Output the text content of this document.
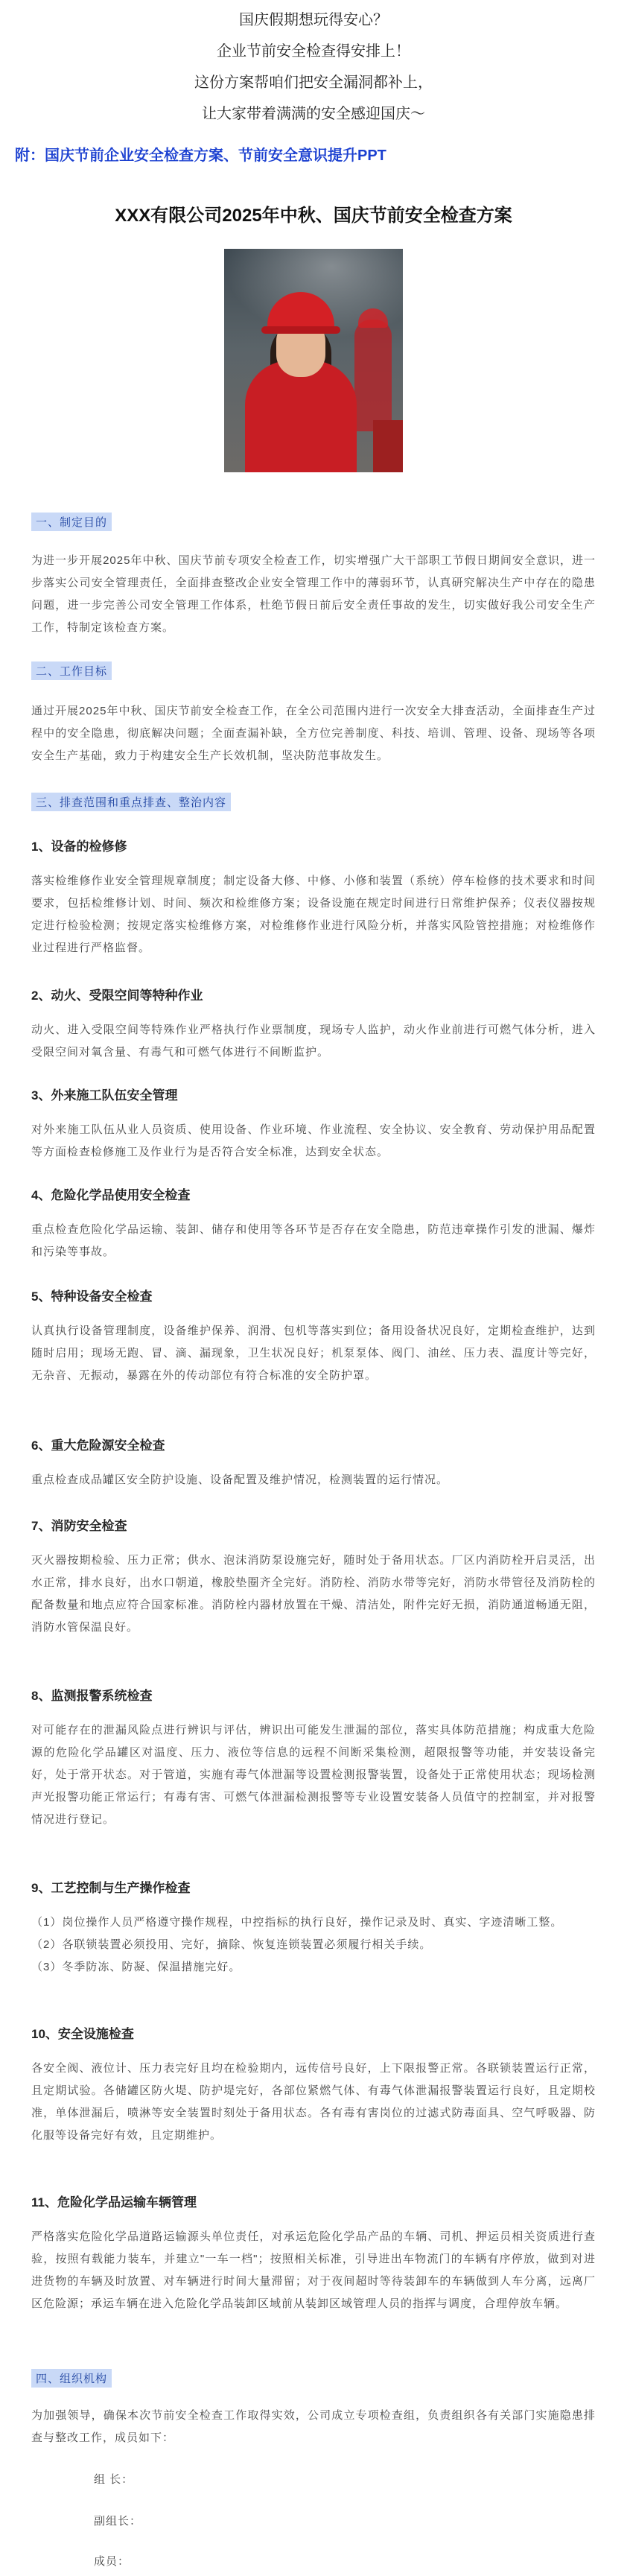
国庆假期想玩得安心？

企业节前安全检查得安排上！

这份方案帮咱们把安全漏洞都补上，

让大家带着满满的安全感迎国庆～

附：国庆节前企业安全检查方案、节前安全意识提升PPT
XXX有限公司2025年中秋、国庆节前安全检查方案
一、制定目的

为进一步开展2025年中秋、国庆节前专项安全检查工作，切实增强广大干部职工节假日期间安全意识，进一步落实公司安全管理责任，全面排查整改企业安全管理工作中的薄弱环节，认真研究解决生产中存在的隐患问题，进一步完善公司安全管理工作体系，杜绝节假日前后安全责任事故的发生，切实做好我公司安全生产工作，特制定该检查方案。

二、工作目标

通过开展2025年中秋、国庆节前安全检查工作，在全公司范围内进行一次安全大排查活动，全面排查生产过程中的安全隐患，彻底解决问题；全面查漏补缺，全方位完善制度、科技、培训、管理、设备、现场等各项安全生产基础，致力于构建安全生产长效机制，坚决防范事故发生。

三、排查范围和重点排查、整治内容
1、设备的检修修

落实检维修作业安全管理规章制度；制定设备大修、中修、小修和装置（系统）停车检修的技术要求和时间要求，包括检维修计划、时间、频次和检维修方案；设备设施在规定时间进行日常维护保养；仪表仪器按规定进行检验检测；按规定落实检维修方案，对检维修作业进行风险分析，并落实风险管控措施；对检维修作业过程进行严格监督。

2、动火、受限空间等特种作业

动火、进入受限空间等特殊作业严格执行作业票制度，现场专人监护，动火作业前进行可燃气体分析，进入受限空间对氧含量、有毒气和可燃气体进行不间断监护。

3、外来施工队伍安全管理

对外来施工队伍从业人员资质、使用设备、作业环境、作业流程、安全协议、安全教育、劳动保护用品配置等方面检查检修施工及作业行为是否符合安全标准，达到安全状态。

4、危险化学品使用安全检查

重点检查危险化学品运输、装卸、储存和使用等各环节是否存在安全隐患，防范违章操作引发的泄漏、爆炸和污染等事故。

5、特种设备安全检查

认真执行设备管理制度，设备维护保养、润滑、包机等落实到位；备用设备状况良好，定期检查维护，达到随时启用；现场无跑、冒、滴、漏现象，卫生状况良好；机泵泵体、阀门、油丝、压力表、温度计等完好，无杂音、无振动，暴露在外的传动部位有符合标准的安全防护罩。

6、重大危险源安全检查

重点检查成品罐区安全防护设施、设备配置及维护情况，检测装置的运行情况。

7、消防安全检查

灭火器按期检验、压力正常；供水、泡沫消防泵设施完好，随时处于备用状态。厂区内消防栓开启灵活，出水正常，排水良好，出水口朝道，橡胶垫圈齐全完好。消防栓、消防水带等完好，消防水带管径及消防栓的配备数量和地点应符合国家标准。消防栓内器材放置在干燥、清洁处，附件完好无损，消防通道畅通无阻，消防水管保温良好。

8、监测报警系统检查

对可能存在的泄漏风险点进行辨识与评估，辨识出可能发生泄漏的部位，落实具体防范措施；构成重大危险源的危险化学品罐区对温度、压力、液位等信息的远程不间断采集检测，超限报警等功能，并安装设备完好，处于常开状态。对于管道，实施有毒气体泄漏等设置检测报警装置，设备处于正常使用状态；现场检测声光报警功能正常运行；有毒有害、可燃气体泄漏检测报警等专业设置安装备人员值守的控制室，并对报警情况进行登记。

9、工艺控制与生产操作检查

（1）岗位操作人员严格遵守操作规程，中控指标的执行良好，操作记录及时、真实、字迹清晰工整。

（2）各联锁装置必须投用、完好，摘除、恢复连锁装置必须履行相关手续。

（3）冬季防冻、防凝、保温措施完好。

10、安全设施检查

各安全阀、液位计、压力表完好且均在检验期内，远传信号良好，上下限报警正常。各联锁装置运行正常，且定期试验。各储罐区防火堤、防护堤完好，各部位紧燃气体、有毒气体泄漏报警装置运行良好，且定期校准，单体泄漏后，喷淋等安全装置时刻处于备用状态。各有毒有害岗位的过滤式防毒面具、空气呼吸器、防化服等设备完好有效，且定期维护。

11、危险化学品运输车辆管理

严格落实危险化学品道路运输源头单位责任，对承运危险化学品产品的车辆、司机、押运员相关资质进行查验，按照有载能力装车，并建立"一车一档"；按照相关标准，引导进出车物流门的车辆有序停放，做到对进进货物的车辆及时放置、对车辆进行时间大量滞留；对于夜间超时等待装卸车的车辆做到人车分离，远离厂区危险源；承运车辆在进入危险化学品装卸区域前从装卸区域管理人员的指挥与调度，合理停放车辆。

四、组织机构

为加强领导，确保本次节前安全检查工作取得实效，公司成立专项检查组，负责组织各有关部门实施隐患排查与整改工作，成员如下：

组 长：

副组长：

成员：
